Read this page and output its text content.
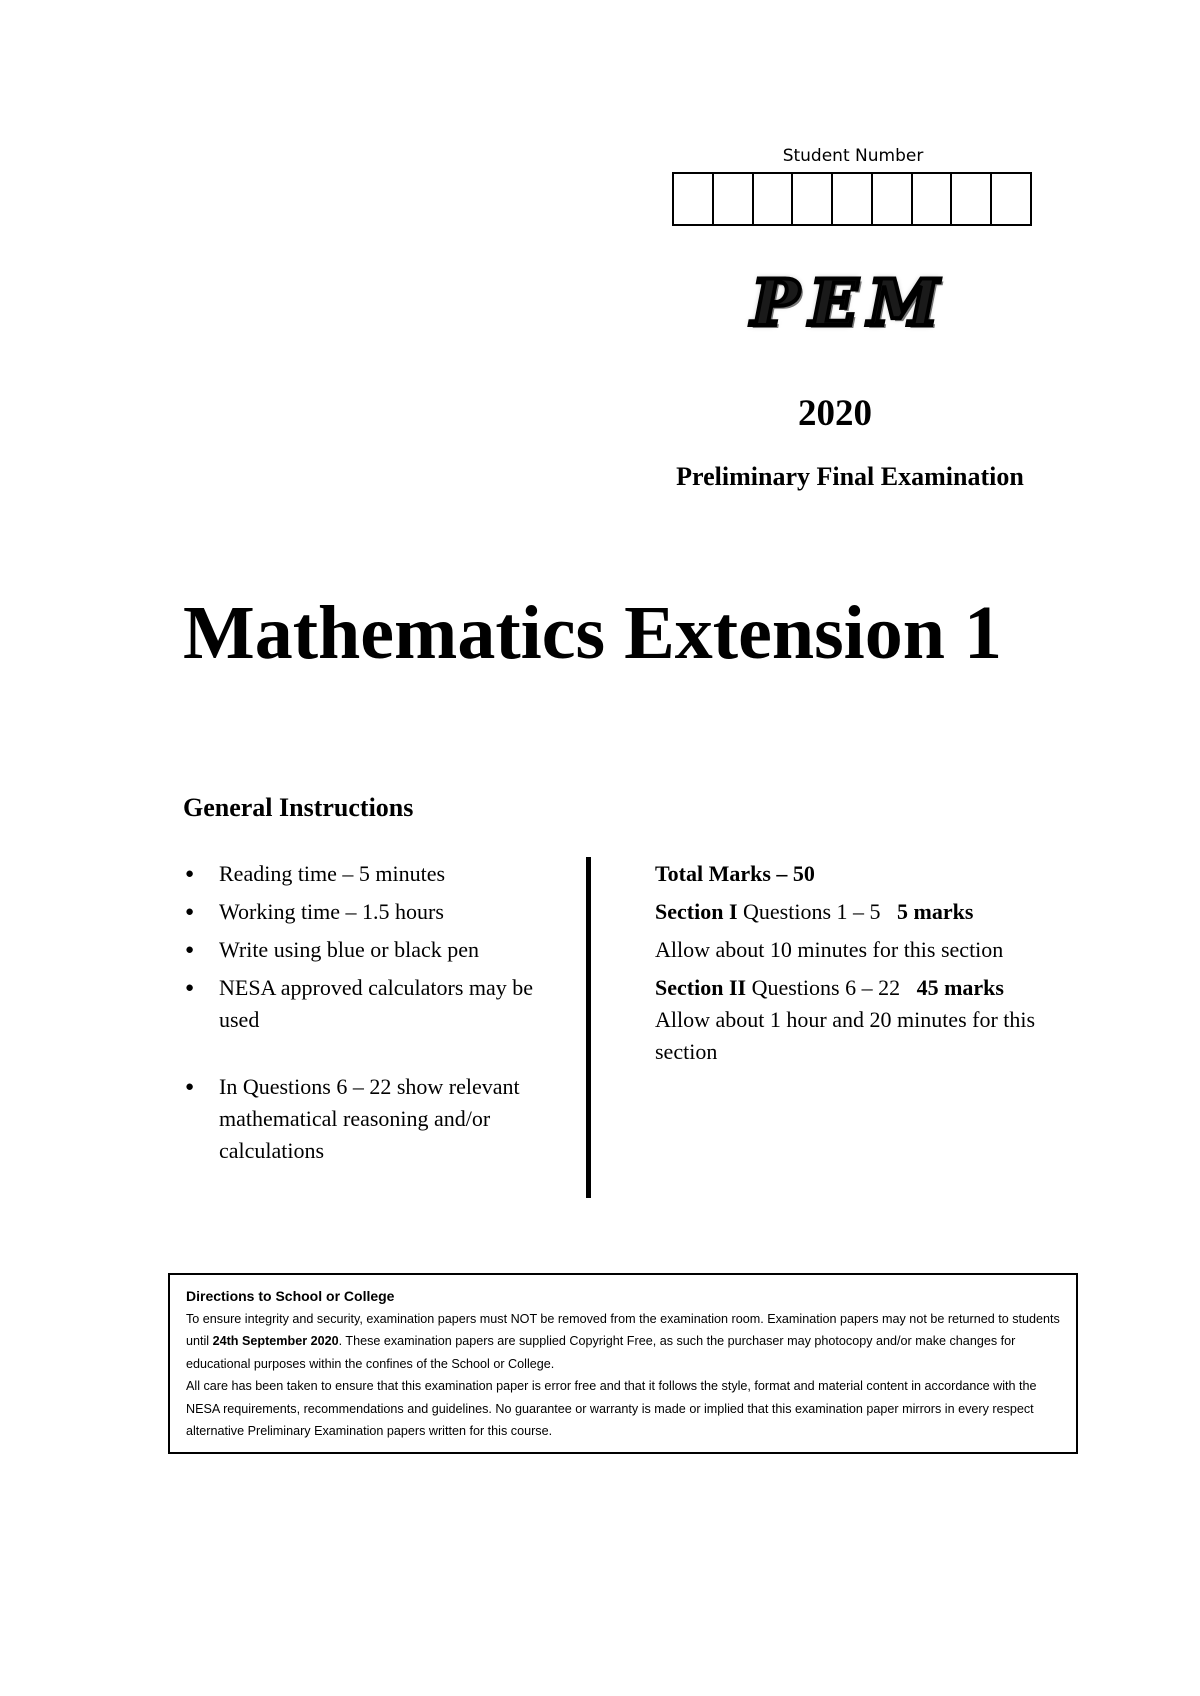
Student Number
PEM
2020
Preliminary Final Examination
Mathematics Extension 1
General Instructions
● Reading time – 5 minutes
● Working time – 1.5 hours
● Write using blue or black pen
● NESA approved calculators may be used
● In Questions 6 – 22 show relevant mathematical reasoning and/or calculations

Total Marks – 50

Section I Questions 1 – 5 5 marks

Allow about 10 minutes for this section

Section II Questions 6 – 22 45 marks

Allow about 1 hour and 20 minutes for this section

Directions to School or College

To ensure integrity and security, examination papers must NOT be removed from the examination room. Examination papers may not be returned to students until 24th September 2020. These examination papers are supplied Copyright Free, as such the purchaser may photocopy and/or make changes for educational purposes within the confines of the School or College.

All care has been taken to ensure that this examination paper is error free and that it follows the style, format and material content in accordance with the NESA requirements, recommendations and guidelines. No guarantee or warranty is made or implied that this examination paper mirrors in every respect alternative Preliminary Examination papers written for this course.
